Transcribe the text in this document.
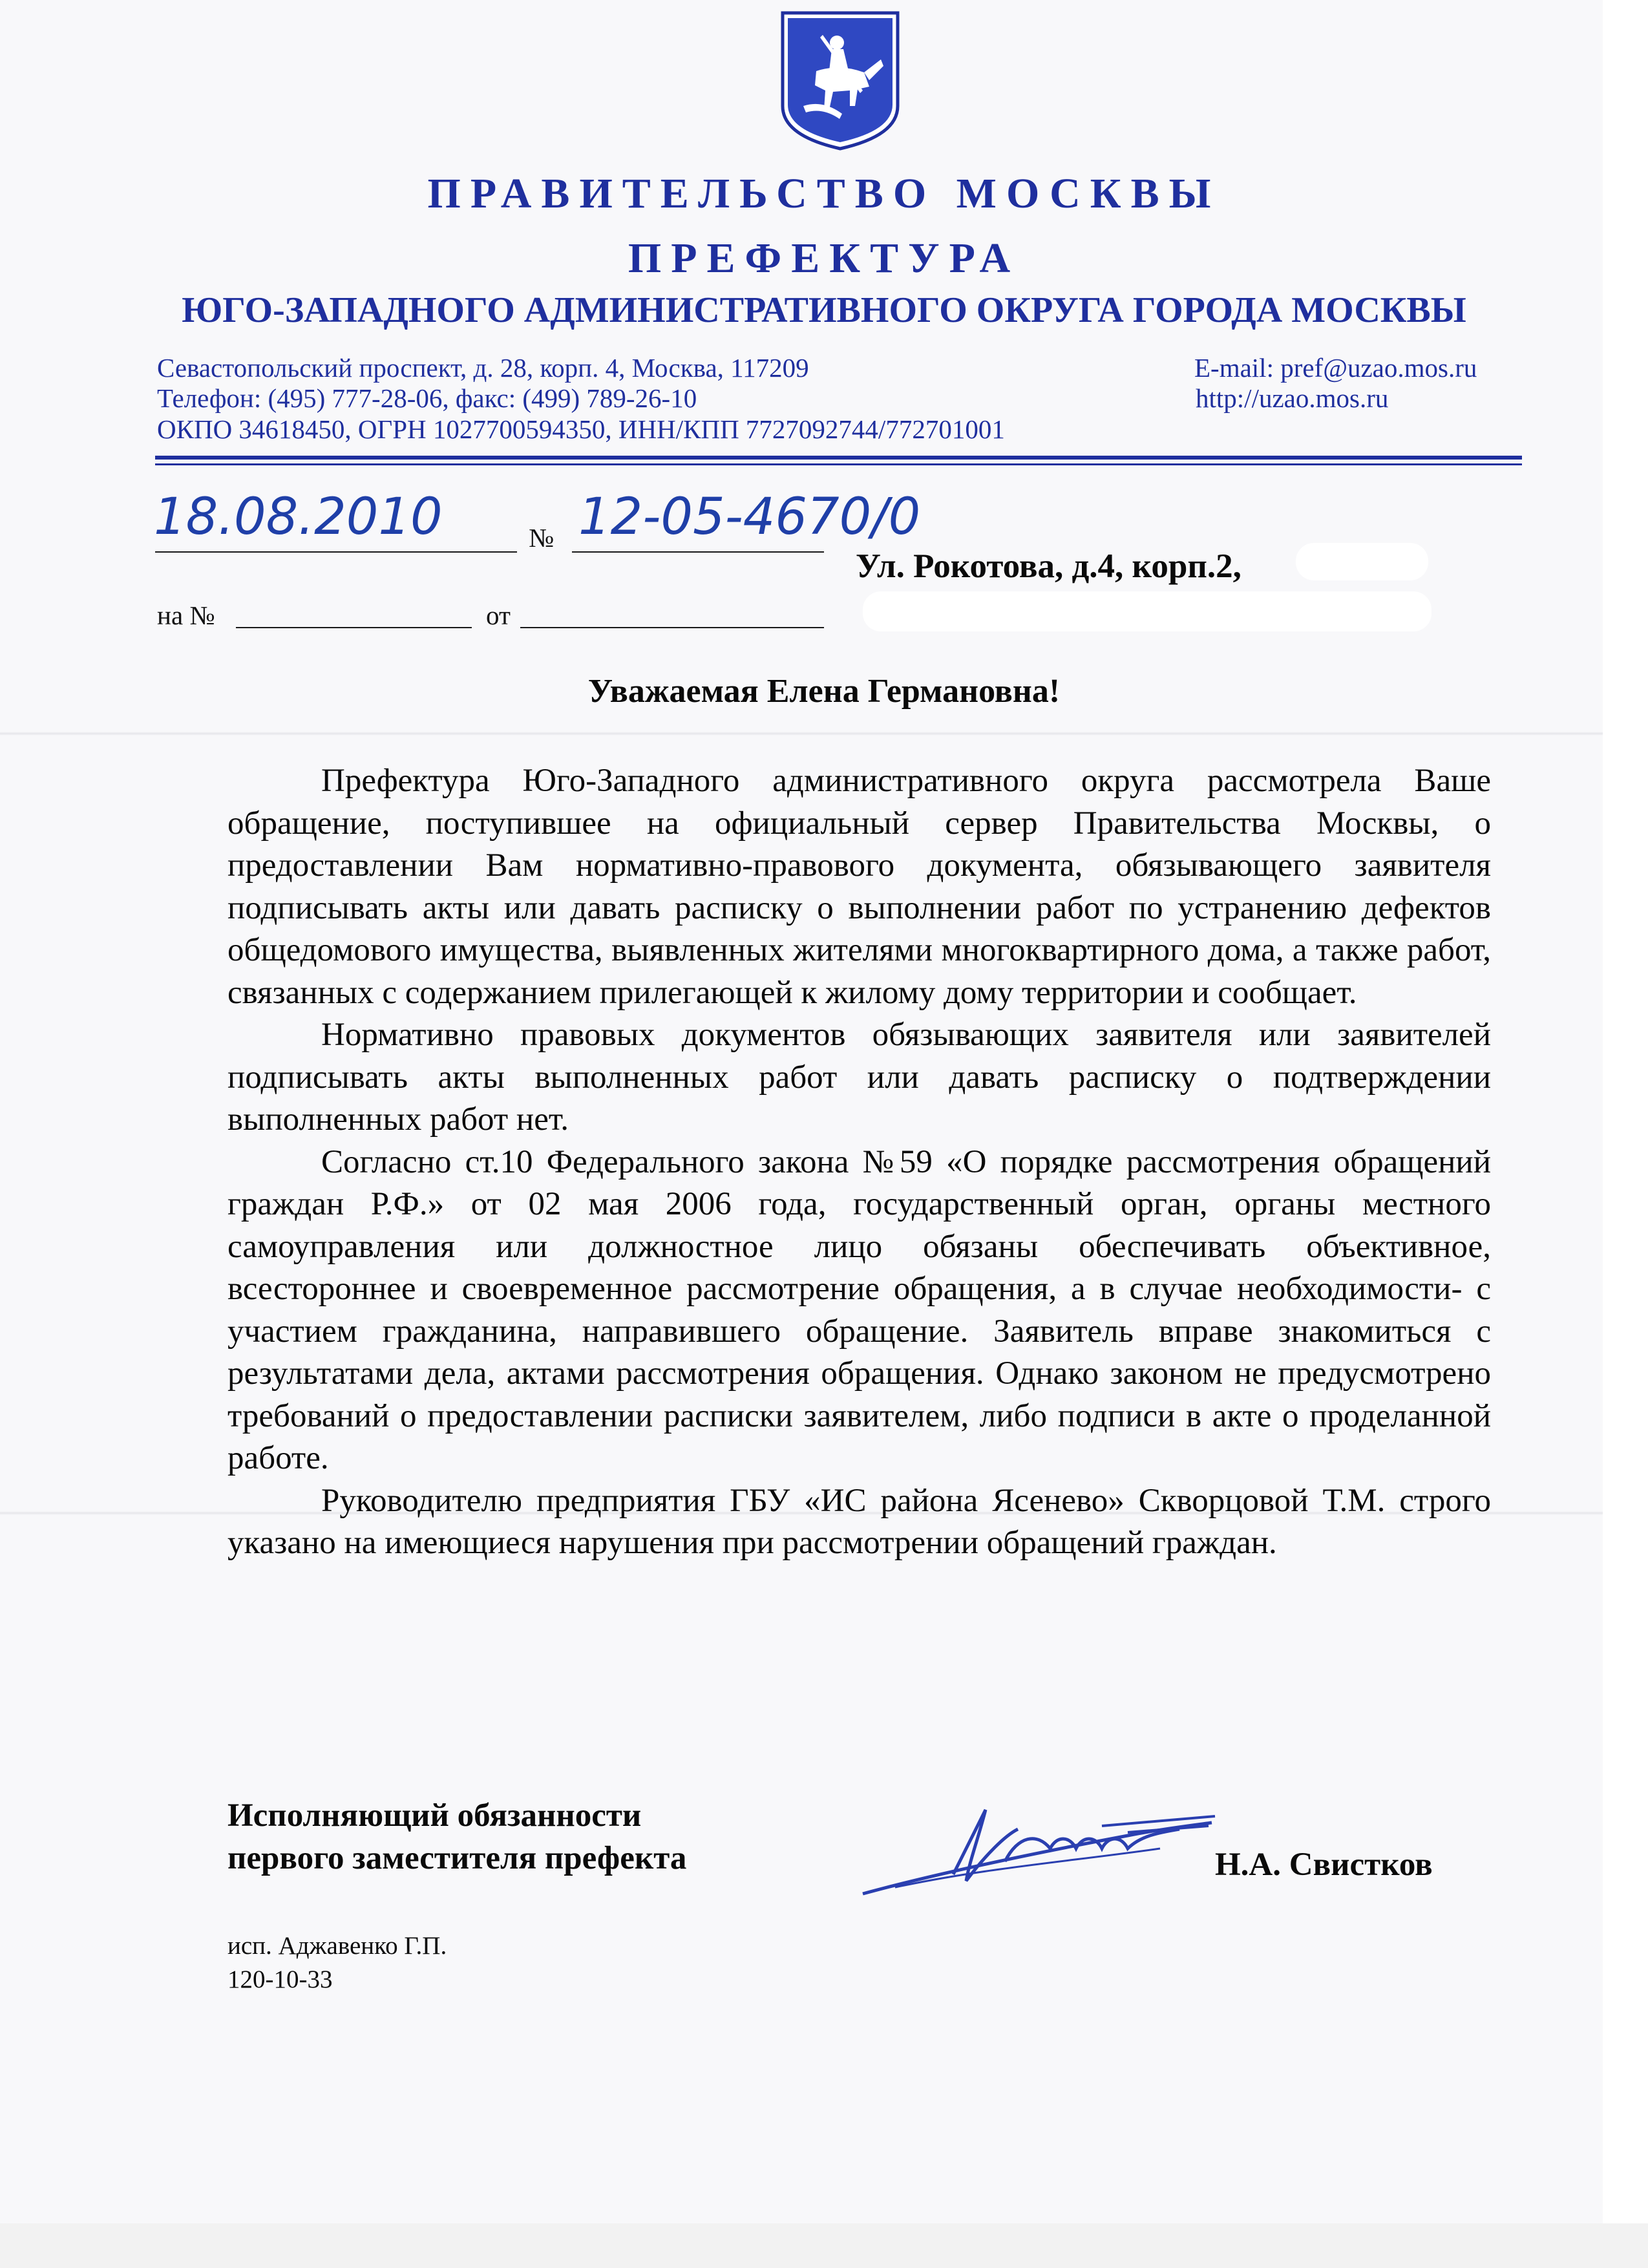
ПРАВИТЕЛЬСТВО МОСКВЫ
ПРЕФЕКТУРА
ЮГО-ЗАПАДНОГО АДМИНИСТРАТИВНОГО ОКРУГА ГОРОДА МОСКВЫ
Севастопольский проспект, д. 28, корп. 4, Москва, 117209
Телефон: (495) 777-28-06, факс: (499) 789-26-10
ОКПО 34618450, ОГРН 1027700594350, ИНН/КПП 7727092744/772701001
E-mail: pref@uzao.mos.ru
http://uzao.mos.ru
18.08.2010	№ 12-05-4670/0
на №	от
Ул. Рокотова, д.4, корп.2,
Уважаемая Елена Германовна!

Префектура Юго-Западного административного округа рассмотрела Ваше обращение, поступившее на официальный сервер Правительства Москвы, о предоставлении Вам нормативно-правового документа, обязывающего заявителя подписывать акты или давать расписку о выполнении работ по устранению дефектов общедомового имущества, выявленных жителями многоквартирного дома, а также работ, связанных с содержанием прилегающей к жилому дому территории и сообщает.

Нормативно правовых документов обязывающих заявителя или заявителей подписывать акты выполненных работ или давать расписку о подтверждении выполненных работ нет.

Согласно ст.10 Федерального закона №59 «О порядке рассмотрения обращений граждан Р.Ф.» от 02 мая 2006 года, государственный орган, органы местного самоуправления или должностное лицо обязаны обеспечивать объективное, всестороннее и своевременное рассмотрение обращения, а в случае необходимости- с участием гражданина, направившего обращение. Заявитель вправе знакомиться с результатами дела, актами рассмотрения обращения. Однако законом не предусмотрено требований о предоставлении расписки заявителем, либо подписи в акте о проделанной работе.

Руководителю предприятия ГБУ «ИС района Ясенево» Скворцовой Т.М. строго указано на имеющиеся нарушения при рассмотрении обращений граждан.

Исполняющий обязанности
первого заместителя префекта	Н.А. Свистков
исп. Аджавенко Г.П.
120-10-33
